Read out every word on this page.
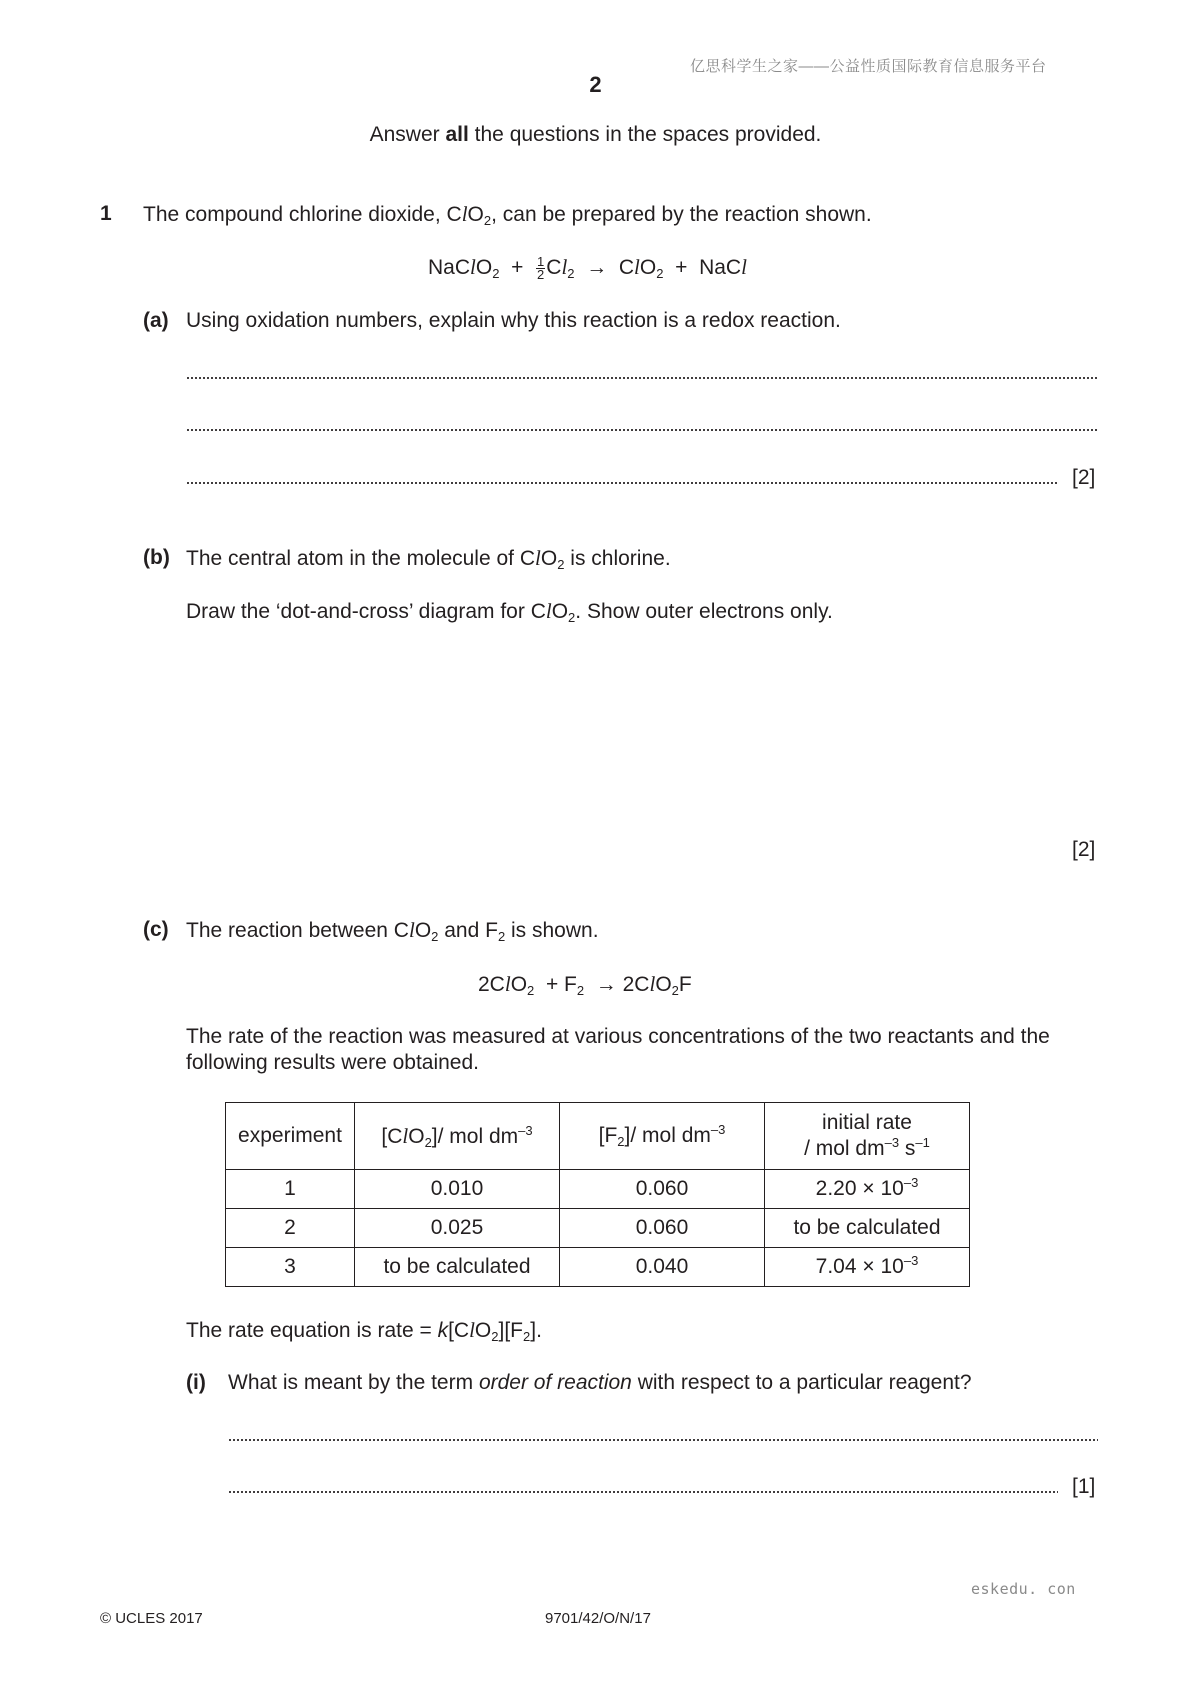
亿思科学生之家——公益性质国际教育信息服务平台
2
Answer all the questions in the spaces provided.
1 The compound chlorine dioxide, ClO$_2$, can be prepared by the reaction shown.
NaClO$_2$ + $\frac{1}{2} Cl_2 \to ClO_2$ + NaCl
(a) Using oxidation numbers, explain why this reaction is a redox reaction.
[2]
(b) The central atom in the molecule of ClO$_2$ is chlorine.
Draw the ‘dot-and-cross’ diagram for ClO$_2$. Show outer electrons only.
[2]
(c) The reaction between ClO$_2$ and $F_2$ is shown.
$2ClO_2 + F_2 \to 2ClO_2F$
The rate of the reaction was measured at various concentrations of the two reactants and the
following results were obtained.
experiment	[ClO$_2$]/ mol $dm^{-3}$	$[F_2]/$ mol $dm^{-3}$	initial rate
/ mol $dm^{-3}$ $s^{-1}$
1	0.010	0.060	$2.20 \times 10^{-3}$
2	0.025	0.060	to be calculated
3	to be calculated	0.040	$7.04 \times 10^{-3}$
The rate equation is rate = $k[ClO_2][F_2]$.
(i) What is meant by the term order of reaction with respect to a particular reagent?
[1]
eskedu. con
© UCLES 2017	9701/42/O/N/17
